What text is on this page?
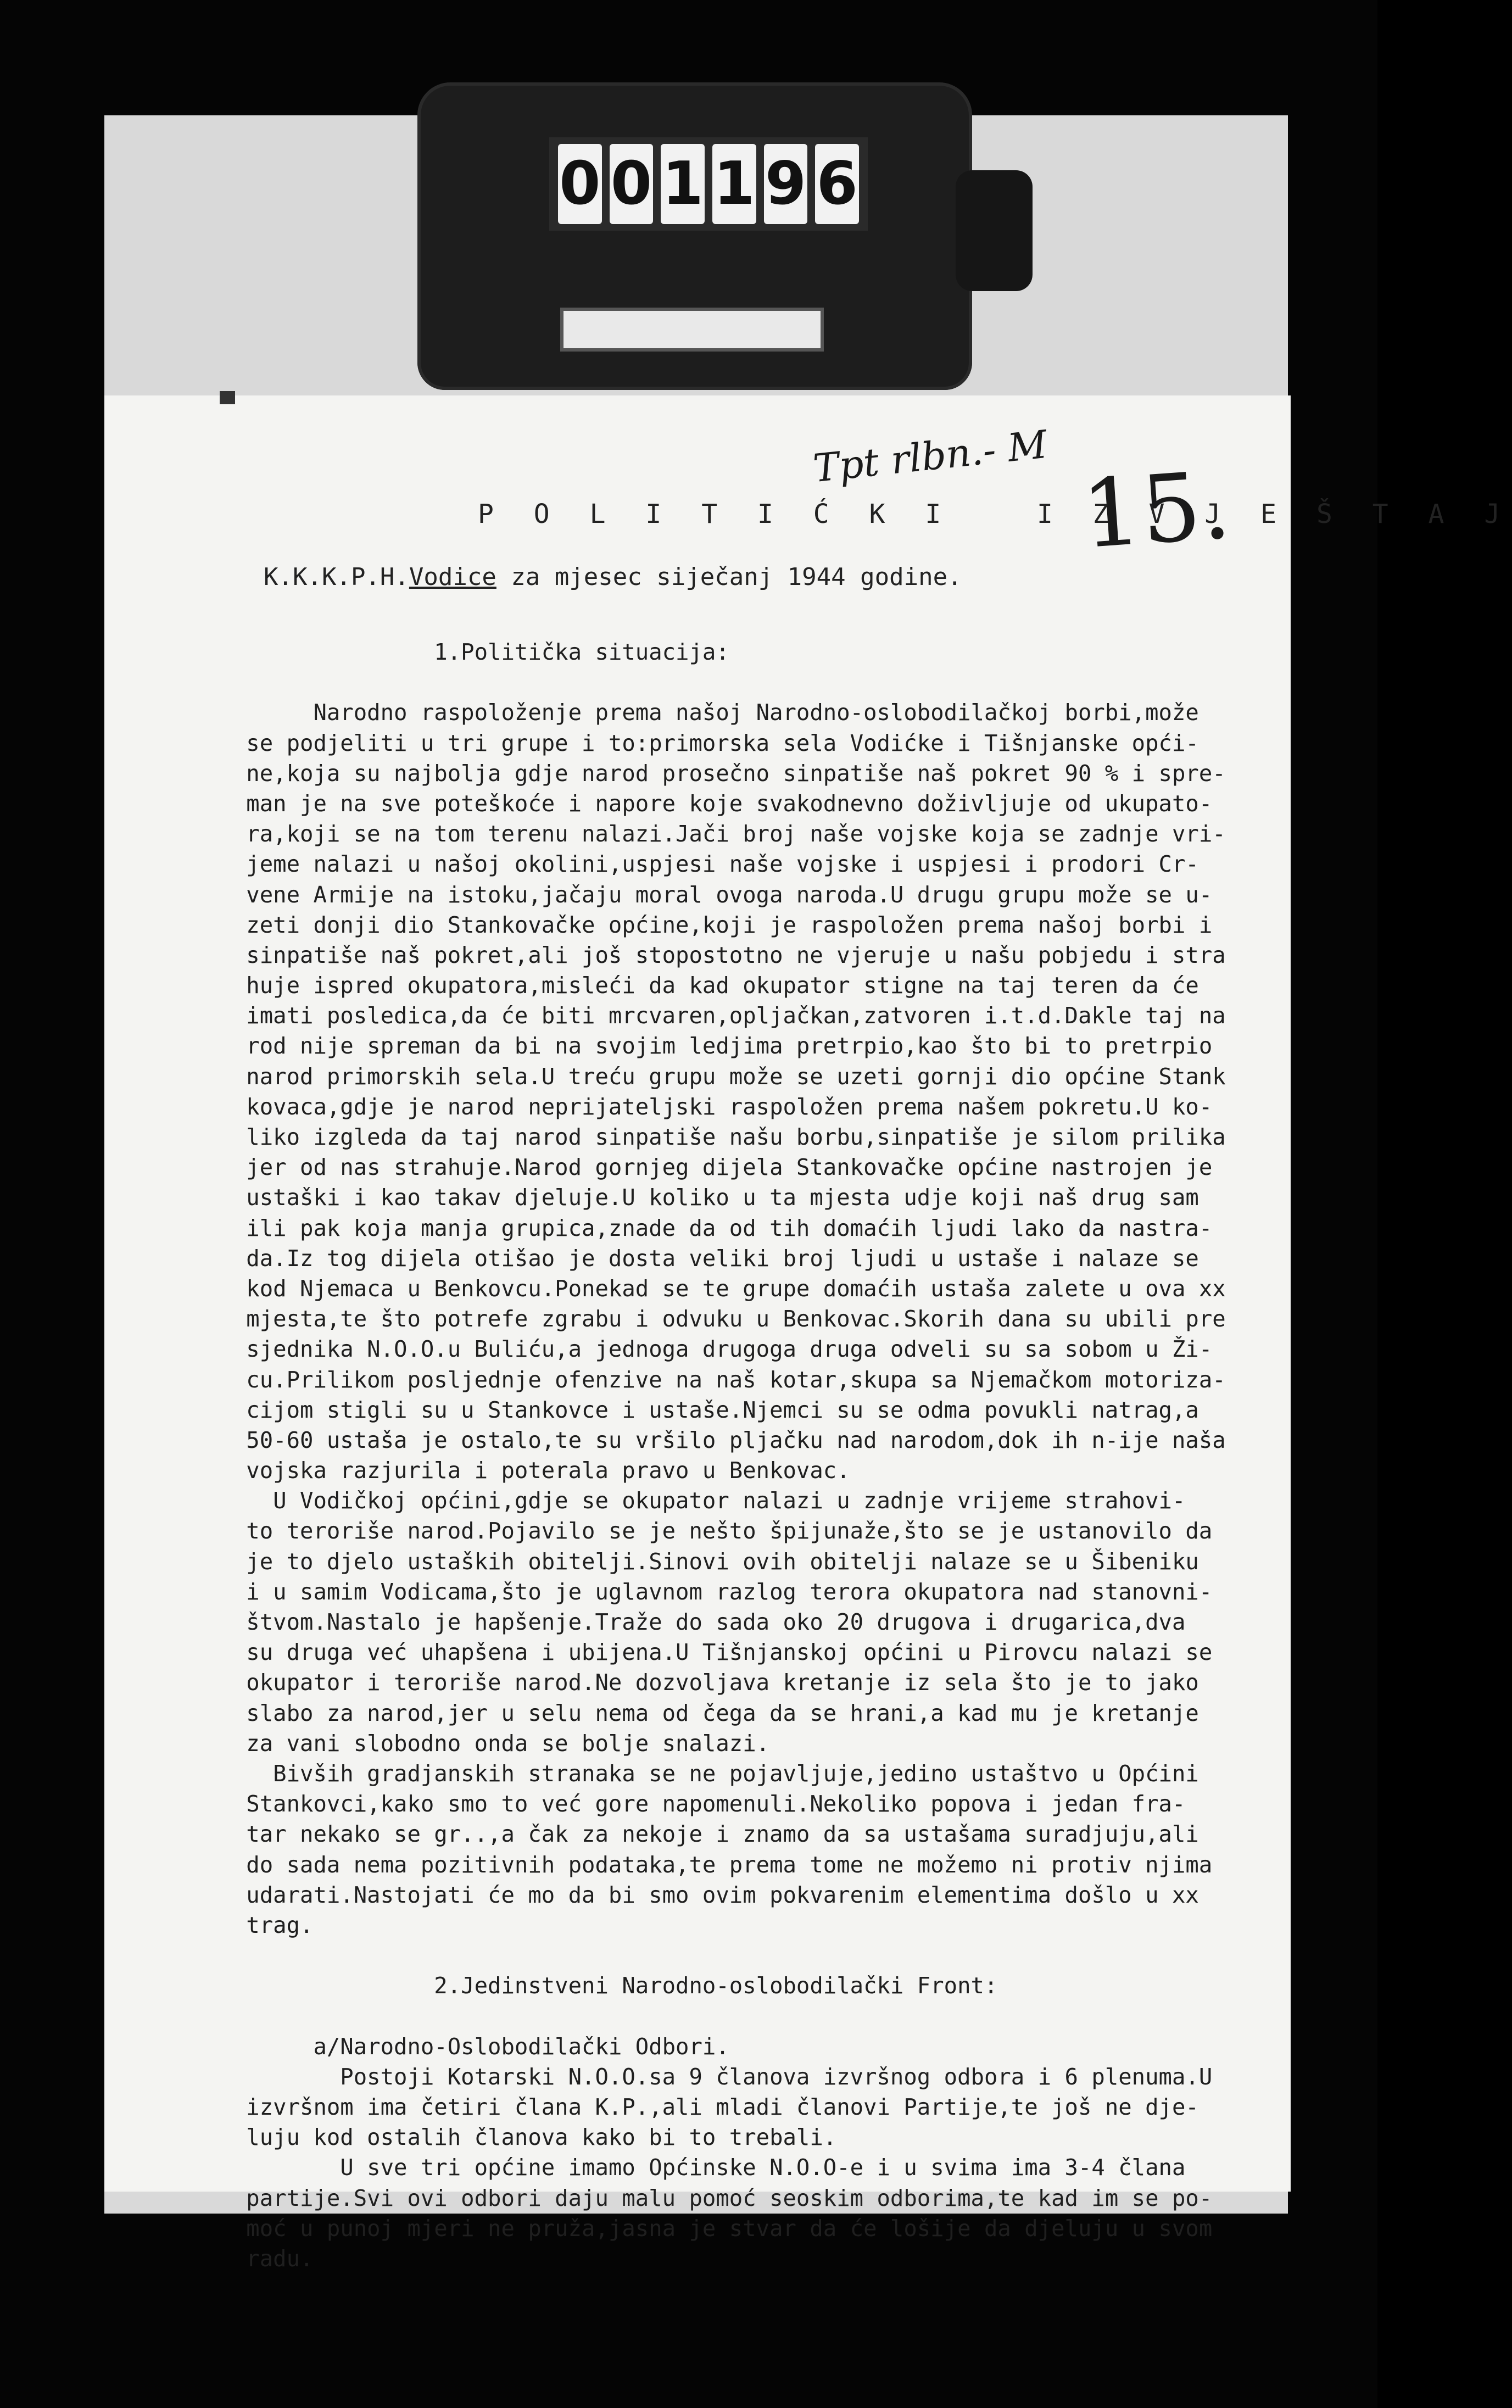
0 0 1 1 9 6
Tpt rlbn.- M 15.
P O L I T I Ć K I   I Z V J E Š T A J
K.K.K.P.H.Vodice za mjesec siječanj 1944 godine.
1.Politička situacija:
Narodno raspoloženje prema našoj Narodno-oslobodilačkoj borbi,može
se podjeliti u tri grupe i to:primorska sela Vodićke i Tišnjanske opći-
ne,koja su najbolja gdje narod prosečno sinpatiše naš pokret 90 % i spre-
man je na sve poteškoće i napore koje svakodnevno doživljuje od ukupato-
ra,koji se na tom terenu nalazi.Jači broj naše vojske koja se zadnje vri-
jeme nalazi u našoj okolini,uspjesi naše vojske i uspjesi i prodori Cr-
vene Armije na istoku,jačaju moral ovoga naroda.U drugu grupu može se u-
zeti donji dio Stankovačke općine,koji je raspoložen prema našoj borbi i
sinpatiše naš pokret,ali još stopostotno ne vjeruje u našu pobjedu i stra
huje ispred okupatora,misleći da kad okupator stigne na taj teren da će
imati posledica,da će biti mrcvaren,opljačkan,zatvoren i.t.d.Dakle taj na
rod nije spreman da bi na svojim ledjima pretrpio,kao što bi to pretrpio
narod primorskih sela.U treću grupu može se uzeti gornji dio općine Stank
kovaca,gdje je narod neprijateljski raspoložen prema našem pokretu.U ko-
liko izgleda da taj narod sinpatiše našu borbu,sinpatiše je silom prilika
jer od nas strahuje.Narod gornjeg dijela Stankovačke općine nastrojen je
ustaški i kao takav djeluje.U koliko u ta mjesta udje koji naš drug sam
ili pak koja manja grupica,znade da od tih domaćih ljudi lako da nastra-
da.Iz tog dijela otišao je dosta veliki broj ljudi u ustaše i nalaze se
kod Njemaca u Benkovcu.Ponekad se te grupe domaćih ustaša zalete u ova xx
mjesta,te što potrefe zgrabu i odvuku u Benkovac.Skorih dana su ubili pre
sjednika N.O.O.u Buliću,a jednoga drugoga druga odveli su sa sobom u Ži-
cu.Prilikom posljednje ofenzive na naš kotar,skupa sa Njemačkom motoriza-
cijom stigli su u Stankovce i ustaše.Njemci su se odma povukli natrag,a
50-60 ustaša je ostalo,te su vršilo pljačku nad narodom,dok ih n-ije naša
vojska razjurila i poterala pravo u Benkovac.
U Vodičkoj općini,gdje se okupator nalazi u zadnje vrijeme strahovi-
to teroriše narod.Pojavilo se je nešto špijunaže,što se je ustanovilo da
je to djelo ustaških obitelji.Sinovi ovih obitelji nalaze se u Šibeniku
i u samim Vodicama,što je uglavnom razlog terora okupatora nad stanovni-
štvom.Nastalo je hapšenje.Traže do sada oko 20 drugova i drugarica,dva
su druga već uhapšena i ubijena.U Tišnjanskoj općini u Pirovcu nalazi se
okupator i teroriše narod.Ne dozvoljava kretanje iz sela što je to jako
slabo za narod,jer u selu nema od čega da se hrani,a kad mu je kretanje
za vani slobodno onda se bolje snalazi.
Bivših gradjanskih stranaka se ne pojavljuje,jedino ustaštvo u Općini
Stankovci,kako smo to već gore napomenuli.Nekoliko popova i jedan fra-
tar nekako se gr..,a čak za nekoje i znamo da sa ustašama suradjuju,ali
do sada nema pozitivnih podataka,te prema tome ne možemo ni protiv njima
udarati.Nastojati će mo da bi smo ovim pokvarenim elementima došlo u xx
trag.
2.Jedinstveni Narodno-oslobodilački Front:
a/Narodno-Oslobodilački Odbori.
Postoji Kotarski N.O.O.sa 9 članova izvršnog odbora i 6 plenuma.U
izvršnom ima četiri člana K.P.,ali mladi članovi Partije,te još ne dje-
luju kod ostalih članova kako bi to trebali.
U sve tri općine imamo Općinske N.O.O-e i u svima ima 3-4 člana
partije.Svi ovi odbori daju malu pomoć seoskim odborima,te kad im se po-
moć u punoj mjeri ne pruža,jasna je stvar da će lošije da djeluju u svom
radu.
